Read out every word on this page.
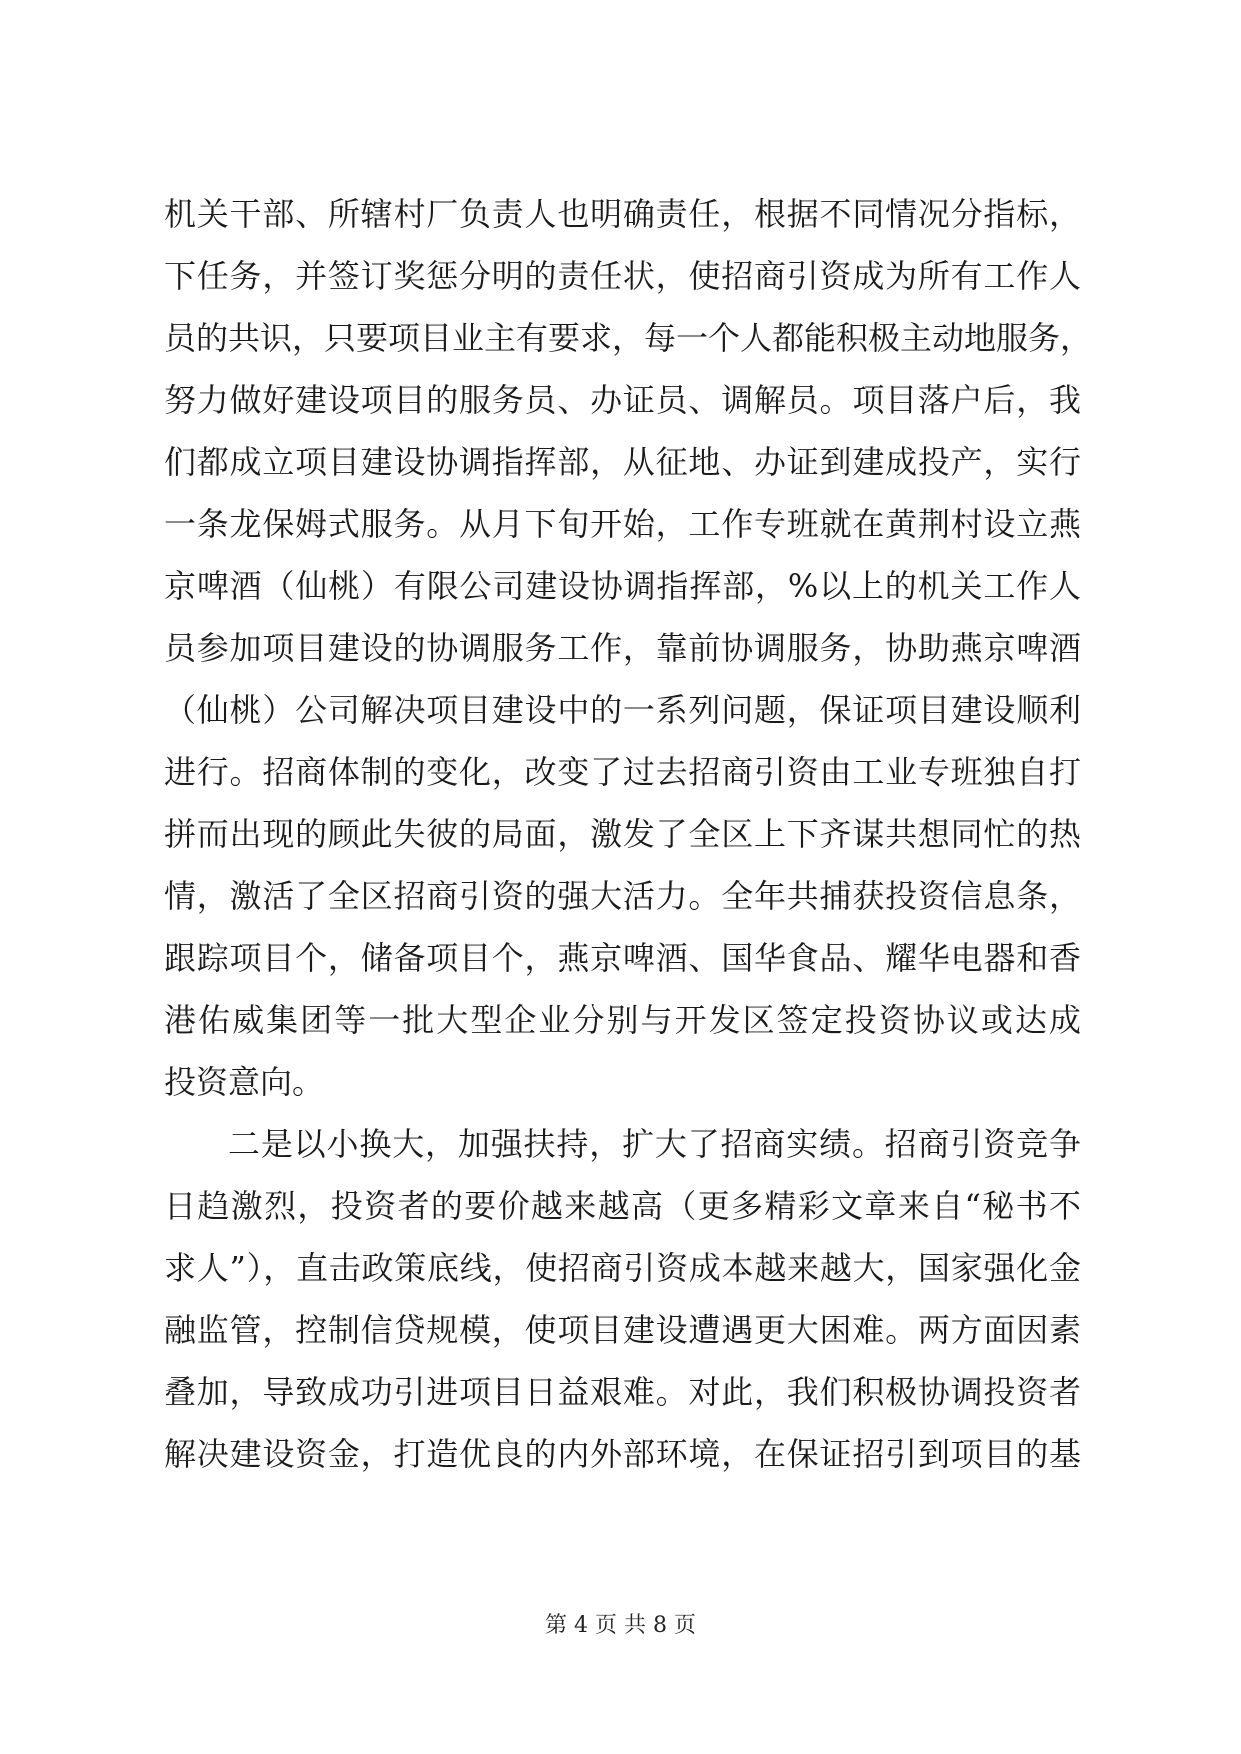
机关干部、所辖村厂负责人也明确责任，根据不同情况分指标，
下任务，并签订奖惩分明的责任状，使招商引资成为所有工作人
员的共识，只要项目业主有要求，每一个人都能积极主动地服务，
努力做好建设项目的服务员、办证员、调解员。项目落户后，我
们都成立项目建设协调指挥部，从征地、办证到建成投产，实行
一条龙保姆式服务。从月下旬开始，工作专班就在黄荆村设立燕
京啤酒（仙桃）有限公司建设协调指挥部，%以上的机关工作人
员参加项目建设的协调服务工作，靠前协调服务，协助燕京啤酒
（仙桃）公司解决项目建设中的一系列问题，保证项目建设顺利
进行。招商体制的变化，改变了过去招商引资由工业专班独自打
拼而出现的顾此失彼的局面，激发了全区上下齐谋共想同忙的热
情，激活了全区招商引资的强大活力。全年共捕获投资信息条，
跟踪项目个，储备项目个，燕京啤酒、国华食品、耀华电器和香
港佑威集团等一批大型企业分别与开发区签定投资协议或达成
投资意向。
二是以小换大，加强扶持，扩大了招商实绩。招商引资竞争
日趋激烈，投资者的要价越来越高（更多精彩文章来自“秘书不
求人”），直击政策底线，使招商引资成本越来越大，国家强化金
融监管，控制信贷规模，使项目建设遭遇更大困难。两方面因素
叠加，导致成功引进项目日益艰难。对此，我们积极协调投资者
解决建设资金，打造优良的内外部环境，在保证招引到项目的基
第 4 页 共 8 页
